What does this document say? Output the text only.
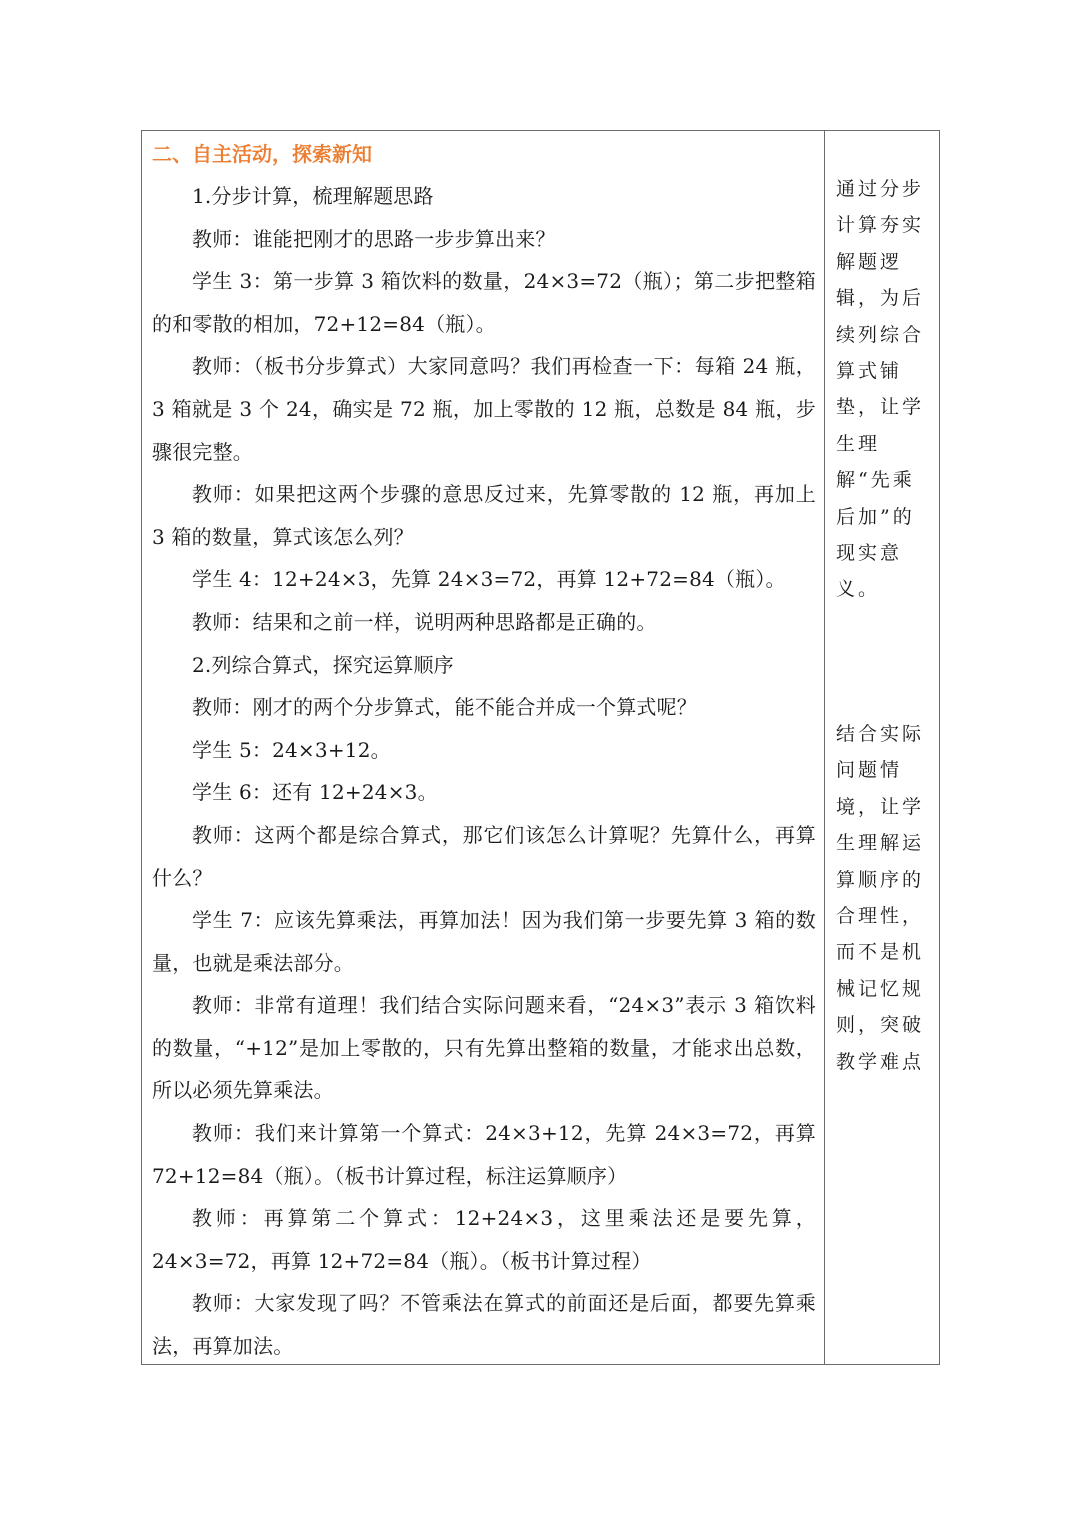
二、自主活动，探索新知

1.分步计算，梳理解题思路

教师：谁能把刚才的思路一步步算出来？

学生 3：第一步算 3 箱饮料的数量，24×3=72（瓶）；第二步把整箱的和零散的相加，72+12=84（瓶）。

教师：（板书分步算式）大家同意吗？我们再检查一下：每箱 24 瓶，3 箱就是 3 个 24，确实是 72 瓶，加上零散的 12 瓶，总数是 84 瓶，步骤很完整。

教师：如果把这两个步骤的意思反过来，先算零散的 12 瓶，再加上 3 箱的数量，算式该怎么列？

学生 4：12+24×3，先算 24×3=72，再算 12+72=84（瓶）。

教师：结果和之前一样，说明两种思路都是正确的。

2.列综合算式，探究运算顺序

教师：刚才的两个分步算式，能不能合并成一个算式呢？

学生 5：24×3+12。

学生 6：还有 12+24×3。

教师：这两个都是综合算式，那它们该怎么计算呢？先算什么，再算什么？

学生 7：应该先算乘法，再算加法！因为我们第一步要先算 3 箱的数量，也就是乘法部分。

教师：非常有道理！我们结合实际问题来看，“24×3”表示 3 箱饮料的数量，“+12”是加上零散的，只有先算出整箱的数量，才能求出总数，所以必须先算乘法。

教师：我们来计算第一个算式：24×3+12，先算 24×3=72，再算 72+12=84（瓶）。（板书计算过程，标注运算顺序）

教师：再算第二个算式：12+24×3，这里乘法还是要先算，24×3=72，再算 12+72=84（瓶）。（板书计算过程）

教师：大家发现了吗？不管乘法在算式的前面还是后面，都要先算乘法，再算加法。

通过分步计算夯实解题逻辑，为后续列综合算式铺垫，让学生理解“先乘后加”的现实意义。

结合实际问题情境，让学生理解运算顺序的合理性，而不是机械记忆规则，突破教学难点
